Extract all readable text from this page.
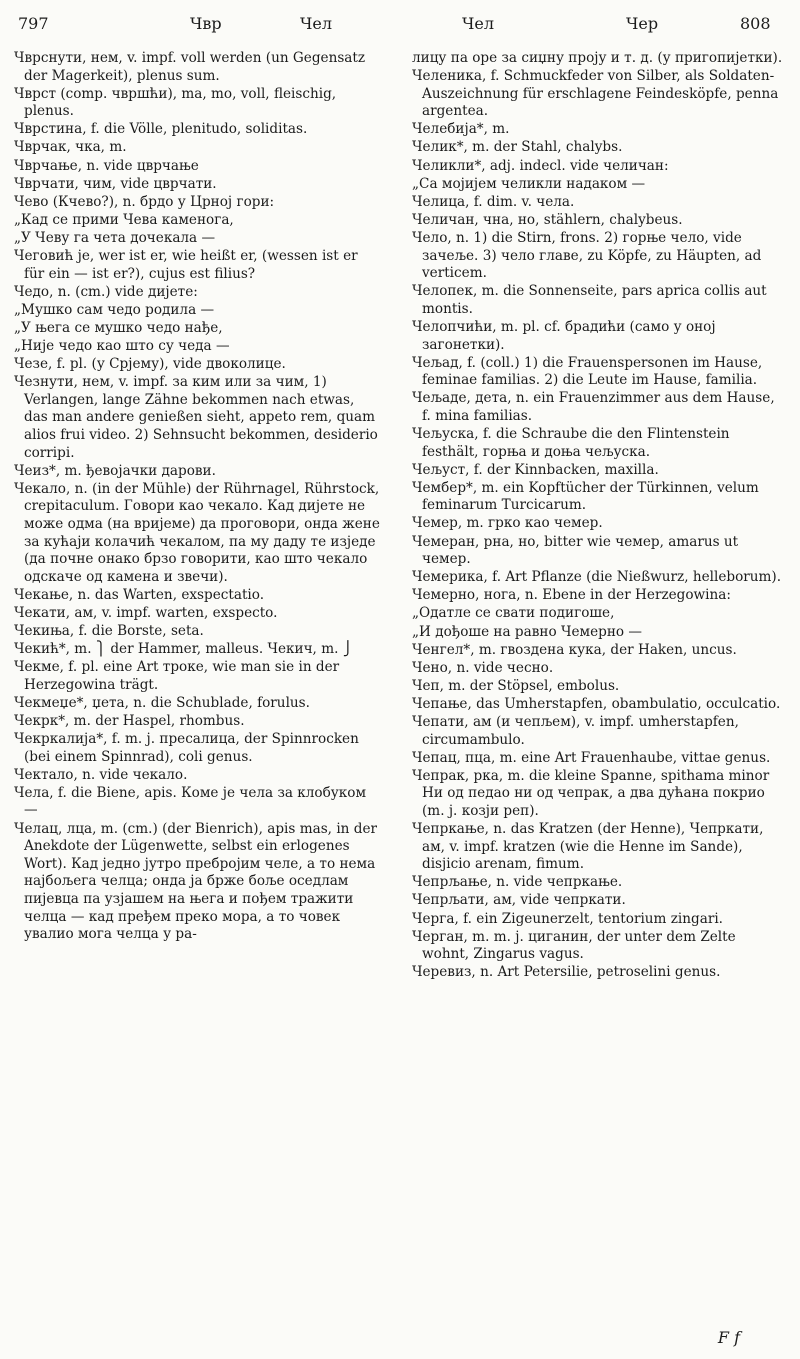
797	Чвр	Чел	Чел	Чер	808

Чврснути, нем, v. impf. voll werden (un Gegensatz der Magerkeit), plenus sum.

Чврст (comp. чвршћи), ma, mo, voll, fleischig, plenus.

Чврстина, f. die Völle, plenitudo, soliditas.

Чврчак, чка, m.

Чврчање, n. vide цврчање

Чврчати, чим, vide цврчати.

Чево (Кчево?), n. брдо у Црној гори:

„Кад се прими Чева каменога,

„У Чеву га чета дочекала —

Чеговић је, wer ist er, wie heißt er, (wessen ist er für ein — ist er?), cujus est filius?

Чедо, n. (cm.) vide дијете:

„Мушко сам чедо родила —

„У њега се мушко чедо нађе,

„Није чедо као што су чеда —

Чезе, f. pl. (у Срјему), vide двоколице.

Чезнути, нем, v. impf. за ким или за чим, 1) Verlangen, lange Zähne bekommen nach etwas, das man andere genießen sieht, appeto rem, quam alios frui video. 2) Sehnsucht bekommen, desiderio corripi.

Чеиз*, m. ђевојачки дарови.

Чекало, n. (in der Mühle) der Rührnagel, Rührstock, crepitaculum. Говори као чекало. Кад дијете не може одма (на вријеме) да проговори, онда жене за кућаји колачић чекалом, па му даду те изједе (да почне онако брзо говорити, као што чекало одскаче од камена и звечи).

Чекање, n. das Warten, exspectatio.

Чекати, ам, v. impf. warten, exspecto.

Чекиња, f. die Borste, seta.

Чекић*, m. ⎫ der Hammer, malleus. Чекич, m. ⎭

Чекме, f. pl. eine Art троке, wie man sie in der Herzegowina trägt.

Чекмеџе*, џета, n. die Schublade, forulus.

Чекрк*, m. der Haspel, rhombus.

Чекркалија*, f. m. ј. пресалица, der Spinnrocken (bei einem Spinnrad), coli genus.

Чектало, n. vide чекало.

Чела, f. die Biene, apis. Коме је чела за клобуком —

Челац, лца, m. (cm.) (der Bienrich), apis mas, in der Anekdote der Lügenwette, selbst ein erlogenes Wort). Кад једно јутро пребројим челе, а то нема најбољега челца; онда ја брже боље оседлам пијевца па узјашем на њега и пођем тражити челца — кад пређем преко мора, а то човек увалио мога челца у ра-

лицу па оре за сиџну проју и т. д. (у пригопијетки).

Челеника, f. Schmuckfeder von Silber, als Soldaten-Auszeichnung für erschlagene Feindesköpfe, penna argentea.

Челебија*, m.

Челик*, m. der Stahl, chalybs.

Челикли*, adj. indecl. vide челичан:

„Са мојијем челикли надаком —

Челица, f. dim. v. чела.

Челичан, чна, но, stählern, chalybeus.

Чело, n. 1) die Stirn, frons. 2) горње чело, vide зачеље. 3) чело главе, zu Köpfe, zu Häupten, ad verticem.

Челопек, m. die Sonnenseite, pars aprica collis aut montis.

Челопчићи, m. pl. cf. брадићи (само у оној загонетки).

Чељад, f. (coll.) 1) die Frauenspersonen im Hause, feminae familias. 2) die Leute im Hause, familia.

Чељаде, дета, n. ein Frauenzimmer aus dem Hause, f. mina familias.

Чељуска, f. die Schraube die den Flintenstein festhält, горња и доња чељуска.

Чељуст, f. der Kinnbacken, maxilla.

Чембер*, m. ein Kopftücher der Türkinnen, velum feminarum Turcicarum.

Чемер, m. грко као чемер.

Чемеран, рна, но, bitter wie чемер, amarus ut чемер.

Чемерика, f. Art Pflanze (die Nießwurz, helleborum).

Чемерно, нога, n. Ebene in der Herzegowina:

„Одатле се свати подигоше,

„И дођоше на равно Чемерно —

Ченгел*, m. гвоздена кука, der Haken, uncus.

Чено, n. vide чесно.

Чеп, m. der Stöpsel, embolus.

Чепање, das Umherstapfen, obambulatio, occulcatio.

Чепати, ам (и чепљем), v. impf. umherstapfen, circumambulo.

Чепац, пца, m. eine Art Frauenhaube, vittae genus.

Чепрак, рка, m. die kleine Spanne, spithama minor Ни од педао ни од чепрак, а два дућана покрио (m. j. козји реп).

Чепркање, n. das Kratzen (der Henne), Чепркати, ам, v. impf. kratzen (wie die Henne im Sande), disjicio arenam, fimum.

Чепрљање, n. vide чепркање.

Чепрљати, ам, vide чепркати.

Черга, f. ein Zigeunerzelt, tentorium zingari.

Черган, m. m. ј. циганин, der unter dem Zelte wohnt, Zingarus vagus.

Черевиз, n. Art Petersilie, petroselini genus.

F f
